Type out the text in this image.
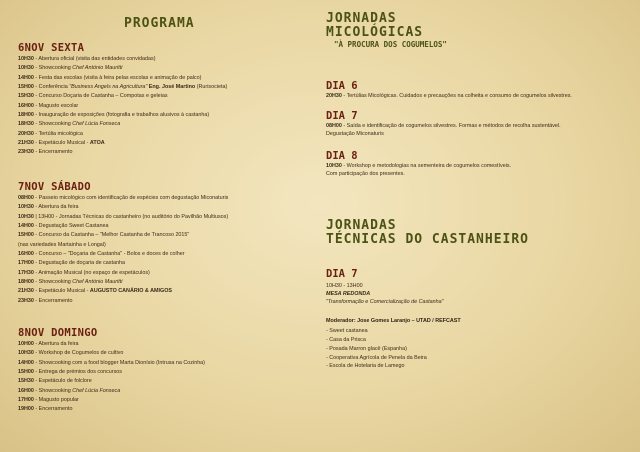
PROGRAMA
6NOV SEXTA
10H30 - Abertura oficial (visita das entidades convidadas)
10H30 - Showcooking Chef António Mauritti
14H00 - Festa das escolas (visita à feira pelas escolas e animação de palco)
15H00 - Conferência "Business Angels na Agricultura" Eng. José Martino (Rurisocieta)
15H30 - Concurso Doçaria de Castanha – Compotas e geleias
16H00 - Magusto escolar
18H00 - Inauguração de exposições (fotografia e trabalhos alusivos à castanha)
18H30 - Showcooking Chef Lúcia Fonseca
20H30 - Tertúlia micológica
21H30 - Espetáculo Musical - ATOA
23H30 - Encerramento
7NOV SÁBADO
08H00 - Passeio micológico com identificação de espécies com degustação Miconaturis
10H30 - Abertura da feira
10H30 | 13H00 - Jornadas Técnicas do castanheiro (no auditório do Pavilhão Multiusos)
14H00 - Degustação Sweet Castanea
15H00 - Concurso da Castanha – "Melhor Castanha de Trancoso 2015"
(nas variedades Martainha e Longal)
16H00 - Concurso – "Doçaria de Castanha" - Bolos e doces de colher
17H00 - Degustação de doçaria de castanha
17H30 - Animação Musical (no espaço de espetáculos)
18H00 - Showcooking Chef António Mauritti
21H30 - Espetáculo Musical - AUGUSTO CANÁRIO & AMIGOS
23H30 - Encerramento
8NOV DOMINGO
10H00 - Abertura da feira
10H30 - Workshop de Cogumelos de cultivo
14H00 - Showcooking com a food blogger Marta Dionísio (Intrusa na Cozinha)
15H00 - Entrega de prémios dos concursos
15H30 - Espetáculo de folclore
16H00 - Showcooking Chef Lúcia Fonseca
17H00 - Magusto popular
19H00 - Encerramento
JORNADAS
MICOLÓGICAS
"À PROCURA DOS COGUMELOS"
DIA 6
20H30 - Tertúlias Micológicas. Cuidados e precauções na colheita e consumo de cogumelos silvestres.
DIA 7
08H00 - Saída e identificação de cogumelos silvestres. Formas e métodos de recolha sustentável.
Degustação Miconaturis
DIA 8
10H30 - Workshop e metodologias na sementeira de cogumelos comestíveis.
Com participação dos presentes.
JORNADAS
TÉCNICAS DO CASTANHEIRO
DIA 7
10H30 - 13H00
MESA REDONDA
"Transformação e Comercialização de Castanha"
Moderador: Jose Gomes Laranjo – UTAD / REFCAST
- Sweet castanea
- Casa da Prisca
- Posada Marron glacê (Espanha)
- Cooperativa Agrícola de Penela da Beira
- Escola de Hotelaria de Lamego
